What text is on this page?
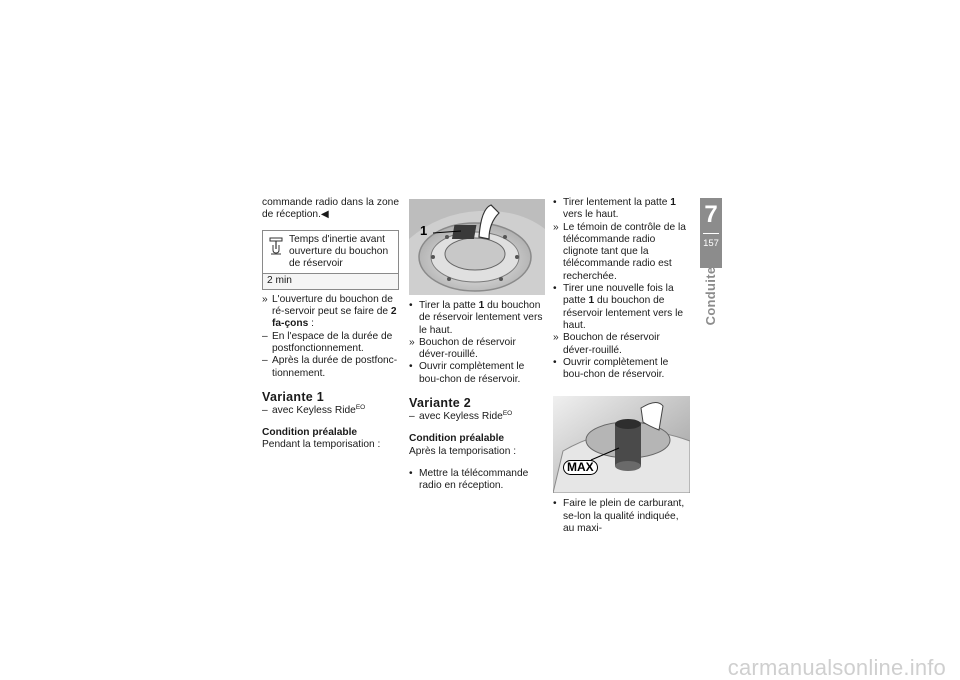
commande radio dans la zone de réception.◀

Temps d'inertie avant ouverture du bouchon de réservoir
2 min
» L'ouverture du bouchon de ré-servoir peut se faire de 2 fa-çons :
– En l'espace de la durée de postfonctionnement.
– Après la durée de postfonc-tionnement.
Variante 1
– avec Keyless Ride$^{EO}$
Condition préalable

Pendant la temporisation :

1
• Tirer la patte 1 du bouchon de réservoir lentement vers le haut.
» Bouchon de réservoir déver-rouillé.
• Ouvrir complètement le bou-chon de réservoir.
Variante 2
– avec Keyless Ride$^{EO}$
Condition préalable

Après la temporisation :

• Mettre la télécommande radio en réception.
• Tirer lentement la patte 1 vers le haut.
» Le témoin de contrôle de la télécommande radio clignote tant que la télécommande radio est recherchée.
• Tirer une nouvelle fois la patte 1 du bouchon de réservoir lentement vers le haut.
» Bouchon de réservoir déver-rouillé.
• Ouvrir complètement le bou-chon de réservoir.
MAX
• Faire le plein de carburant, se-lon la qualité indiquée, au maxi-
7
157
Conduite
carmanualsonline.info
